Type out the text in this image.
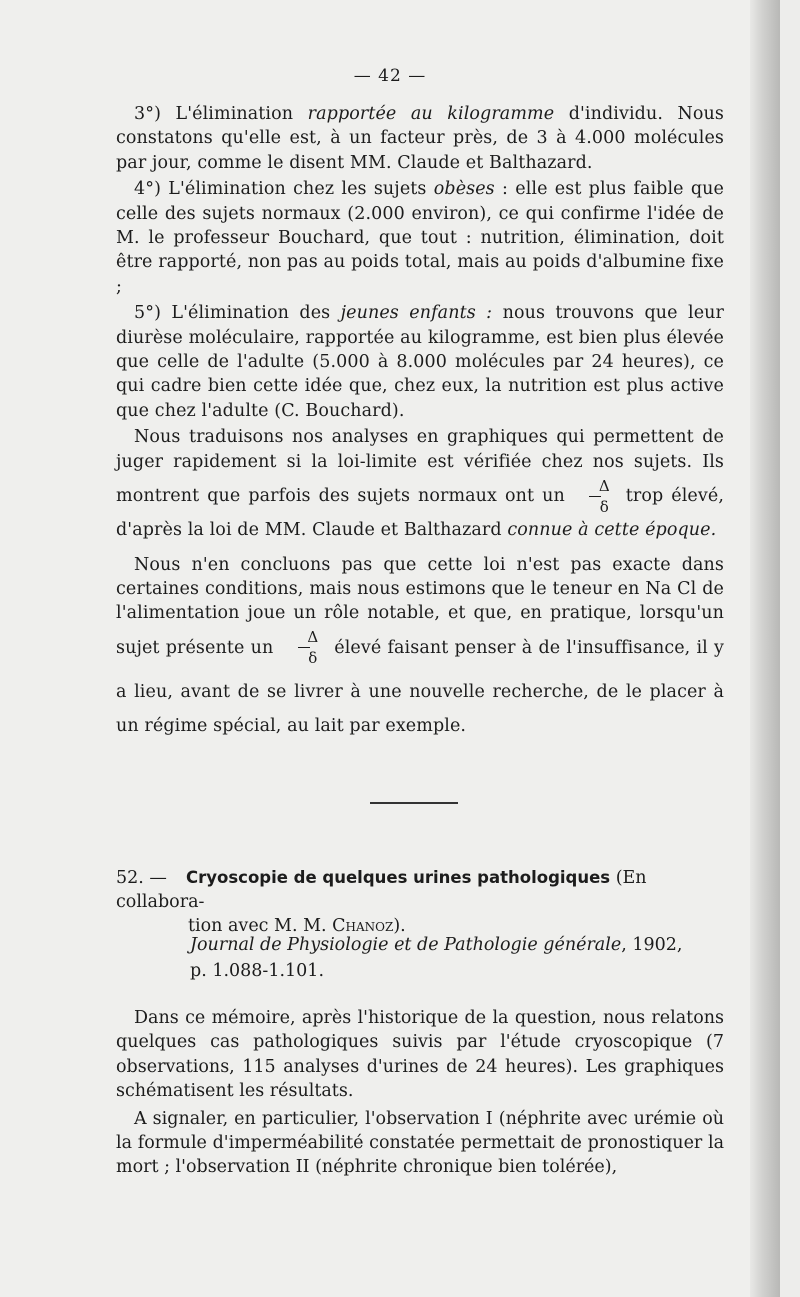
— 42 —

3°) L'élimination rapportée au kilogramme d'individu. Nous constatons qu'elle est, à un facteur près, de 3 à 4.000 molécules par jour, comme le disent MM. Claude et Balthazard.

4°) L'élimination chez les sujets obèses : elle est plus faible que celle des sujets normaux (2.000 environ), ce qui confirme l'idée de M. le professeur Bouchard, que tout : nutrition, élimination, doit être rapporté, non pas au poids total, mais au poids d'albumine fixe ;

5°) L'élimination des jeunes enfants : nous trouvons que leur diurèse moléculaire, rapportée au kilogramme, est bien plus élevée que celle de l'adulte (5.000 à 8.000 molécules par 24 heures), ce qui cadre bien cette idée que, chez eux, la nutrition est plus active que chez l'adulte (C. Bouchard).

Nous traduisons nos analyses en graphiques qui permettent de juger rapidement si la loi-limite est vérifiée chez nos sujets. Ils montrent que parfois des sujets normaux ont un $\frac{\Delta}{\delta}$ trop élevé, d'après la loi de MM. Claude et Balthazard connue à cette époque.

Nous n'en concluons pas que cette loi n'est pas exacte dans certaines conditions, mais nous estimons que le teneur en Na Cl de l'alimentation joue un rôle notable, et que, en pratique, lorsqu'un sujet présente un $\frac{\Delta}{\delta}$ élevé faisant penser à de l'insuffisance, il y a lieu, avant de se livrer à une nouvelle recherche, de le placer à un régime spécial, au lait par exemple.

52. — Cryoscopie de quelques urines pathologiques (En collabora-
tion avec M. M. Chanoz).
Journal de Physiologie et de Pathologie générale, 1902,
p. 1.088-1.101.

Dans ce mémoire, après l'historique de la question, nous relatons quelques cas pathologiques suivis par l'étude cryoscopique (7 observations, 115 analyses d'urines de 24 heures). Les graphiques schématisent les résultats.

A signaler, en particulier, l'observation I (néphrite avec urémie où la formule d'imperméabilité constatée permettait de pronostiquer la mort ; l'observation II (néphrite chronique bien tolérée),
